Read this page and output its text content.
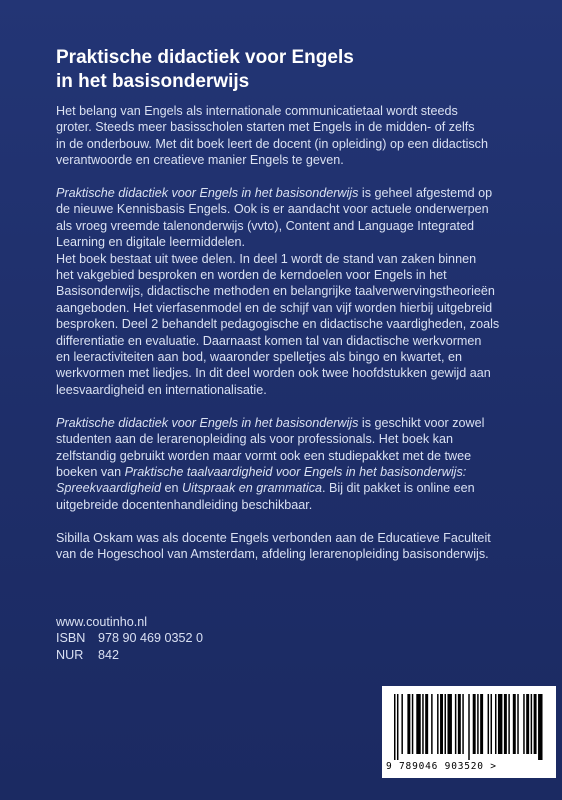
Praktische didactiek voor Engels
in het basisonderwijs

Het belang van Engels als internationale communicatietaal wordt steeds
groter. Steeds meer basisscholen starten met Engels in de midden- of zelfs
in de onderbouw. Met dit boek leert de docent (in opleiding) op een didactisch
verantwoorde en creatieve manier Engels te geven.

Praktische didactiek voor Engels in het basisonderwijs is geheel afgestemd op
de nieuwe Kennisbasis Engels. Ook is er aandacht voor actuele onderwerpen
als vroeg vreemde talenonderwijs (vvto), Content and Language Integrated
Learning en digitale leermiddelen.

Het boek bestaat uit twee delen. In deel 1 wordt de stand van zaken binnen
het vakgebied besproken en worden de kerndoelen voor Engels in het
Basisonderwijs, didactische methoden en belangrijke taalverwervingstheorieën
aangeboden. Het vierfasenmodel en de schijf van vijf worden hierbij uitgebreid
besproken. Deel 2 behandelt pedagogische en didactische vaardigheden, zoals
differentiatie en evaluatie. Daarnaast komen tal van didactische werkvormen
en leeractiviteiten aan bod, waaronder spelletjes als bingo en kwartet, en
werkvormen met liedjes. In dit deel worden ook twee hoofdstukken gewijd aan
leesvaardigheid en internationalisatie.

Praktische didactiek voor Engels in het basisonderwijs is geschikt voor zowel
studenten aan de lerarenopleiding als voor professionals. Het boek kan
zelfstandig gebruikt worden maar vormt ook een studiepakket met de twee
boeken van Praktische taalvaardigheid voor Engels in het basisonderwijs:
Spreekvaardigheid en Uitspraak en grammatica. Bij dit pakket is online een
uitgebreide docentenhandleiding beschikbaar.

Sibilla Oskam was als docente Engels verbonden aan de Educatieve Faculteit
van de Hogeschool van Amsterdam, afdeling lerarenopleiding basisonderwijs.

www.coutinho.nl
ISBN 978 90 469 0352 0
NUR	842
9 789046 903520 >
